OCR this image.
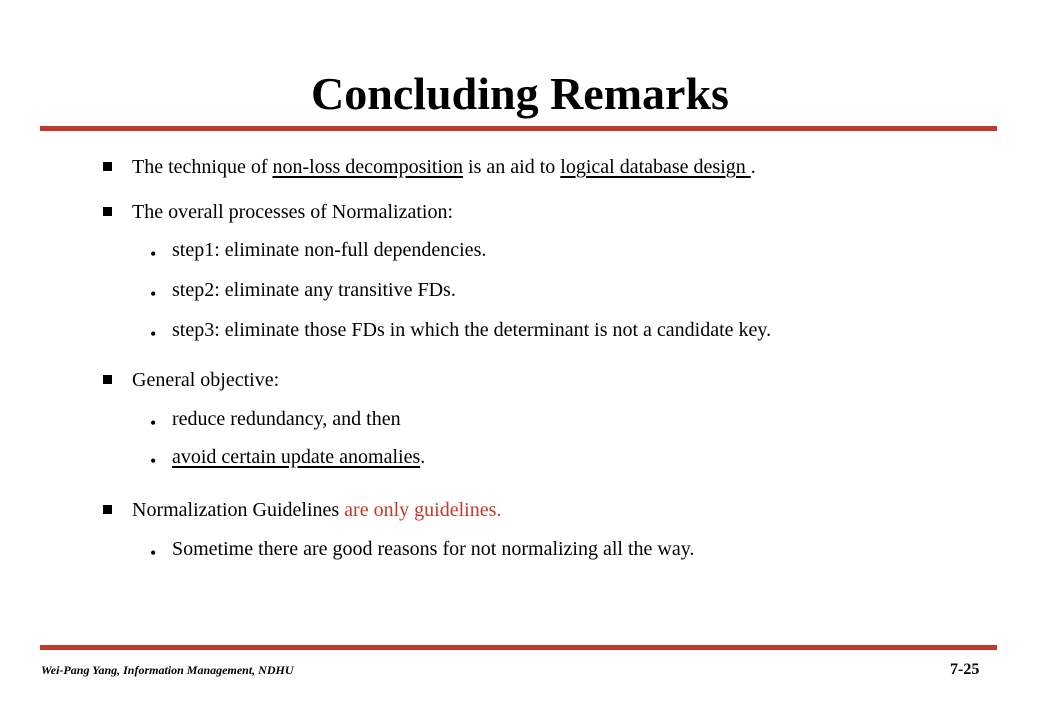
Concluding Remarks
The technique of non-loss decomposition is an aid to logical database design .
The overall processes of Normalization:
• step1: eliminate non-full dependencies.
• step2: eliminate any transitive FDs.
• step3: eliminate those FDs in which the determinant is not a candidate key.
General objective:
• reduce redundancy, and then
• avoid certain update anomalies.
Normalization Guidelines are only guidelines.
• Sometime there are good reasons for not normalizing all the way.
Wei-Pang Yang, Information Management, NDHU	7-25
